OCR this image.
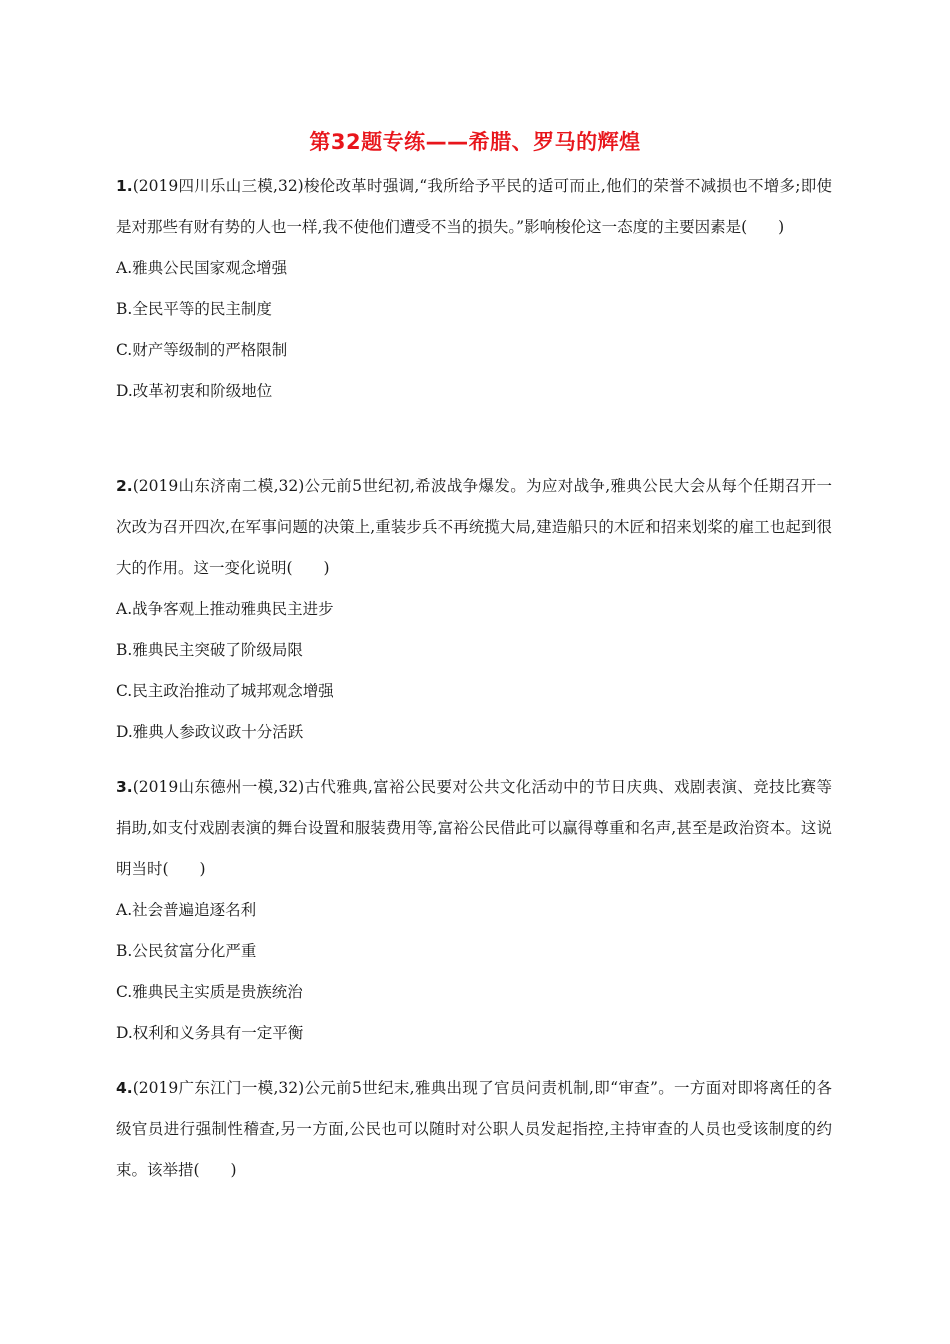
第32题专练——希腊、罗马的辉煌

1.(2019四川乐山三模,32)梭伦改革时强调,“我所给予平民的适可而止,他们的荣誉不减损也不增多;即使是对那些有财有势的人也一样,我不使他们遭受不当的损失。”影响梭伦这一态度的主要因素是(　　)

A.雅典公民国家观念增强
B.全民平等的民主制度
C.财产等级制的严格限制
D.改革初衷和阶级地位

2.(2019山东济南二模,32)公元前5世纪初,希波战争爆发。为应对战争,雅典公民大会从每个任期召开一次改为召开四次,在军事问题的决策上,重装步兵不再统揽大局,建造船只的木匠和招来划桨的雇工也起到很大的作用。这一变化说明(　　)

A.战争客观上推动雅典民主进步
B.雅典民主突破了阶级局限
C.民主政治推动了城邦观念增强
D.雅典人参政议政十分活跃

3.(2019山东德州一模,32)古代雅典,富裕公民要对公共文化活动中的节日庆典、戏剧表演、竞技比赛等捐助,如支付戏剧表演的舞台设置和服装费用等,富裕公民借此可以赢得尊重和名声,甚至是政治资本。这说明当时(　　)

A.社会普遍追逐名利
B.公民贫富分化严重
C.雅典民主实质是贵族统治
D.权利和义务具有一定平衡

4.(2019广东江门一模,32)公元前5世纪末,雅典出现了官员问责机制,即“审查”。一方面对即将离任的各级官员进行强制性稽查,另一方面,公民也可以随时对公职人员发起指控,主持审查的人员也受该制度的约束。该举措(　　)
